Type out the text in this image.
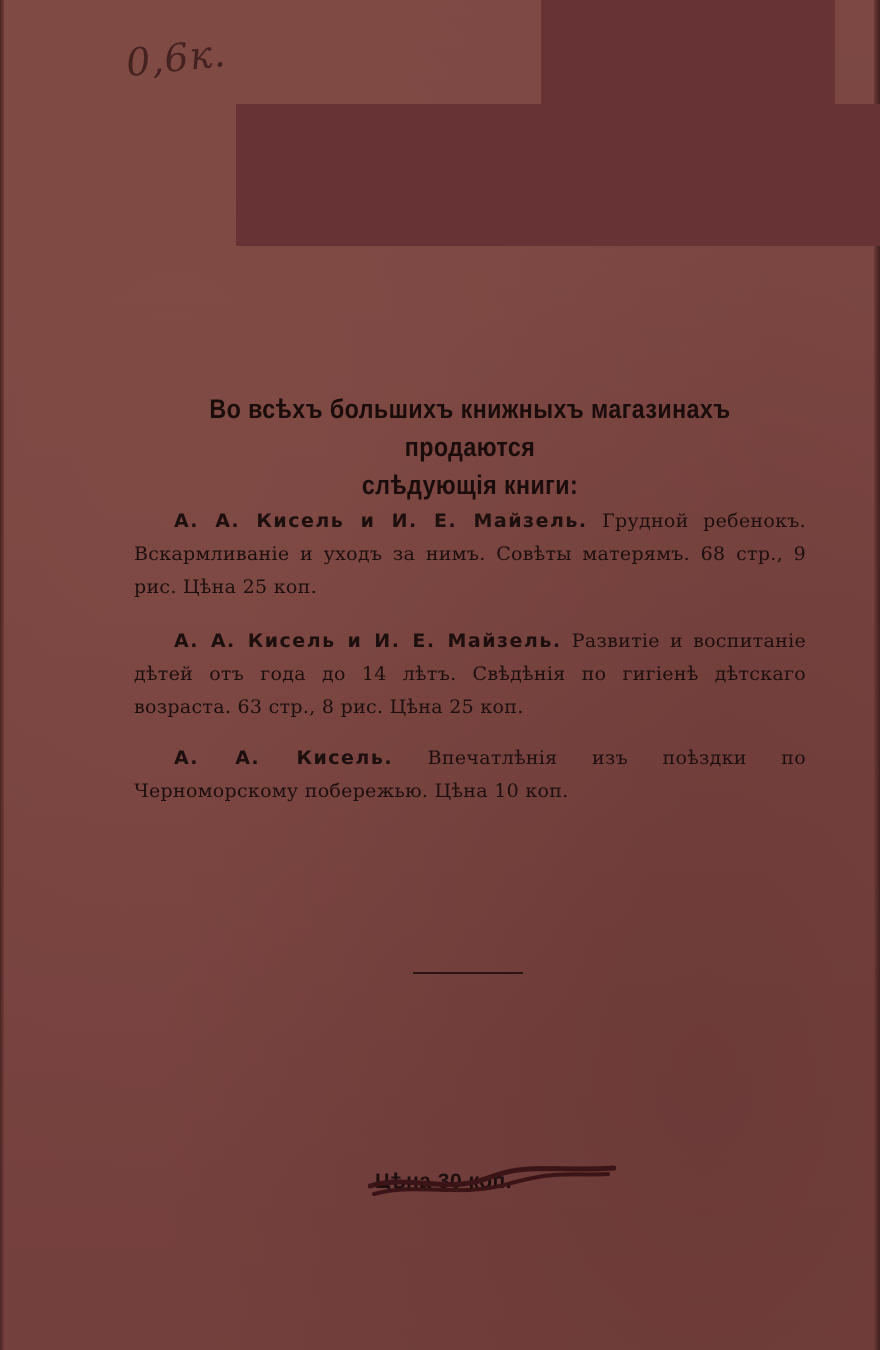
0,6к.
Во всѣхъ большихъ книжныхъ магазинахъ продаются
слѣдующія книги:
А. А. Кисель и И. Е. Майзель. Грудной ребенокъ. Вскармливаніе и уходъ за нимъ. Совѣты матерямъ. 68 стр., 9 рис. Цѣна 25 коп.
А. А. Кисель и И. Е. Майзель. Развитіе и воспитаніе дѣтей отъ года до 14 лѣтъ. Свѣдѣнія по гигіенѣ дѣтскаго возраста. 63 стр., 8 рис. Цѣна 25 коп.
А. А. Кисель. Впечатлѣнія изъ поѣздки по Черноморскому побережью. Цѣна 10 коп.
Цѣна 30 коп.
